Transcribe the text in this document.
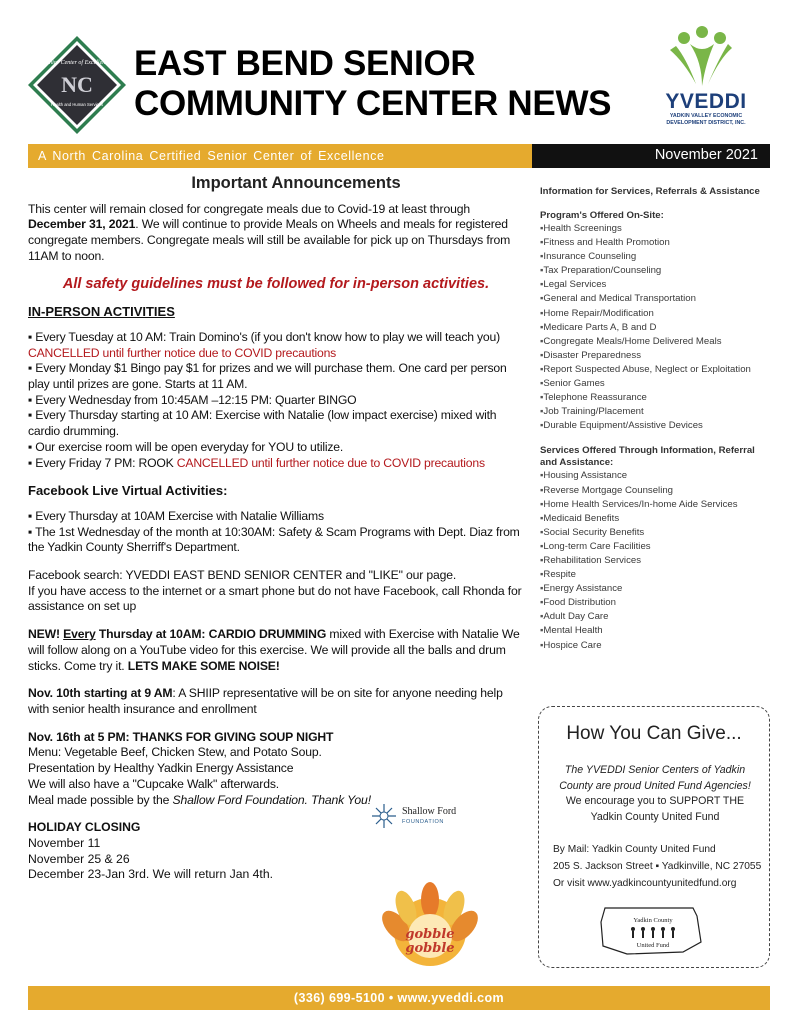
Senior Center of Excellence
NC
Health and Human Services
EAST BEND SENIOR
COMMUNITY CENTER NEWS	YVEDDI
YADKIN VALLEY ECONOMIC
DEVELOPMENT DISTRICT, INC.
A North Carolina Certified Senior Center of Excellence	November 2021
Important Announcements
This center will remain closed for congregate meals due to Covid-19 at least through December 31, 2021. We will continue to provide Meals on Wheels and meals for registered congregate members. Congregate meals will still be available for pick up on Thursdays from 11AM to noon.
All safety guidelines must be followed for in-person activities.
IN-PERSON ACTIVITIES
▪ Every Tuesday at 10 AM: Train Domino's (if you don't know how to play we will teach you) CANCELLED until further notice due to COVID precautions
▪ Every Monday $1 Bingo pay $1 for prizes and we will purchase them. One card per person play until prizes are gone. Starts at 11 AM.
▪ Every Wednesday from 10:45AM –12:15 PM: Quarter BINGO
▪ Every Thursday starting at 10 AM: Exercise with Natalie (low impact exercise) mixed with cardio drumming.
▪ Our exercise room will be open everyday for YOU to utilize.
▪ Every Friday 7 PM: ROOK CANCELLED until further notice due to COVID precautions
Facebook Live Virtual Activities:
▪ Every Thursday at 10AM Exercise with Natalie Williams
▪ The 1st Wednesday of the month at 10:30AM: Safety & Scam Programs with Dept. Diaz from the Yadkin County Sherriff's Department.
Facebook search: YVEDDI EAST BEND SENIOR CENTER and "LIKE" our page.
If you have access to the internet or a smart phone but do not have Facebook, call Rhonda for assistance on set up
NEW! Every Thursday at 10AM: CARDIO DRUMMING mixed with Exercise with Natalie We will follow along on a YouTube video for this exercise. We will provide all the balls and drum sticks. Come try it. LETS MAKE SOME NOISE!
Nov. 10th starting at 9 AM: A SHIIP representative will be on site for anyone needing help with senior health insurance and enrollment
Nov. 16th at 5 PM: THANKS FOR GIVING SOUP NIGHT
Menu: Vegetable Beef, Chicken Stew, and Potato Soup.
Presentation by Healthy Yadkin Energy Assistance
We will also have a "Cupcake Walk" afterwards.
Meal made possible by the Shallow Ford Foundation. Thank You!
HOLIDAY CLOSING
November 11
November 25 & 26
December 23-Jan 3rd. We will return Jan 4th.
Shallow Ford
FOUNDATION
gobble
gobble
Information for Services, Referrals & Assistance
Program's Offered On-Site:
▪ Health Screenings
▪ Fitness and Health Promotion
▪ Insurance Counseling
▪ Tax Preparation/Counseling
▪ Legal Services
▪ General and Medical Transportation
▪ Home Repair/Modification
▪ Medicare Parts A, B and D
▪ Congregate Meals/Home Delivered Meals
▪ Disaster Preparedness
▪ Report Suspected Abuse, Neglect or Exploitation
▪ Senior Games
▪ Telephone Reassurance
▪ Job Training/Placement
▪ Durable Equipment/Assistive Devices
Services Offered Through Information, Referral and Assistance:
▪ Housing Assistance
▪ Reverse Mortgage Counseling
▪ Home Health Services/In-home Aide Services
▪ Medicaid Benefits
▪ Social Security Benefits
▪ Long-term Care Facilities
▪ Rehabilitation Services
▪ Respite
▪ Energy Assistance
▪ Food Distribution
▪ Adult Day Care
▪ Mental Health
▪ Hospice Care
How You Can Give...
The YVEDDI Senior Centers of Yadkin County are proud United Fund Agencies!
We encourage you to SUPPORT THE Yadkin County United Fund
By Mail: Yadkin County United Fund
205 S. Jackson Street ▪ Yadkinville, NC 27055
Or visit www.yadkincountyunitedfund.org
Yadkin County
United Fund
(336) 699-5100 • www.yveddi.com
